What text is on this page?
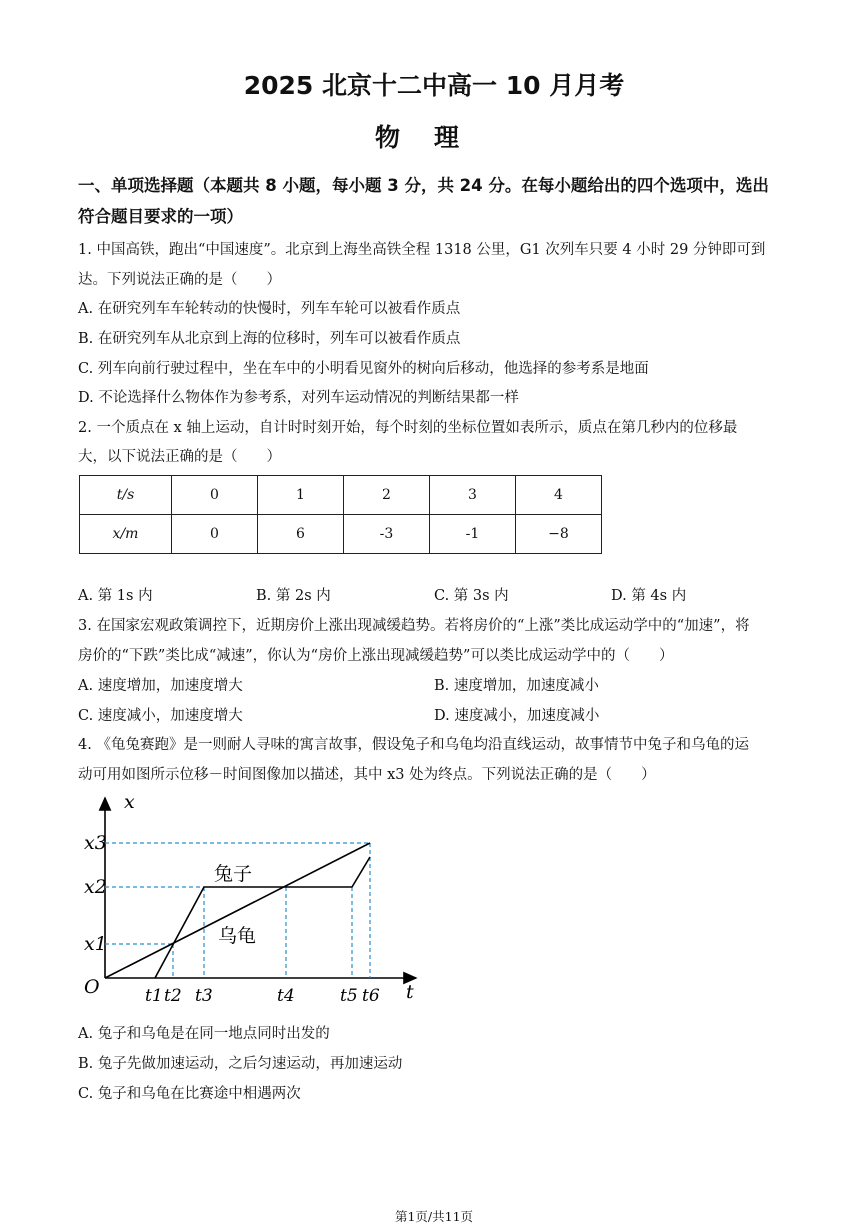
2025 北京十二中高一 10 月月考
物理
一、单项选择题（本题共 8 小题，每小题 3 分，共 24 分。在每小题给出的四个选项中，选出
符合题目要求的一项）
1. 中国高铁，跑出“中国速度”。北京到上海坐高铁全程 1318 公里，G1 次列车只要 4 小时 29 分钟即可到
达。下列说法正确的是（　　）
A. 在研究列车车轮转动的快慢时，列车车轮可以被看作质点
B. 在研究列车从北京到上海的位移时，列车可以被看作质点
C. 列车向前行驶过程中，坐在车中的小明看见窗外的树向后移动，他选择的参考系是地面
D. 不论选择什么物体作为参考系，对列车运动情况的判断结果都一样
2. 一个质点在 x 轴上运动，自计时时刻开始，每个时刻的坐标位置如表所示，质点在第几秒内的位移最
大，以下说法正确的是（　　）
t/s	0	1	2	3	4
x/m	0	6	-3	-1	−8
A. 第 1s 内	B. 第 2s 内	C. 第 3s 内	D. 第 4s 内
3. 在国家宏观政策调控下，近期房价上涨出现减缓趋势。若将房价的“上涨”类比成运动学中的“加速”，将
房价的“下跌”类比成“减速”，你认为“房价上涨出现减缓趋势”可以类比成运动学中的（　　）
A. 速度增加，加速度增大	B. 速度增加，加速度减小
C. 速度减小，加速度增大	D. 速度减小，加速度减小
4. 《龟兔赛跑》是一则耐人寻味的寓言故事，假设兔子和乌龟均沿直线运动，故事情节中兔子和乌龟的运
动可用如图所示位移－时间图像加以描述，其中 x3 处为终点。下列说法正确的是（　　）
兔子
乌龟
x
t
O
x3
x2
x1
t1 t2 t3	t4	t5 t6
A. 兔子和乌龟是在同一地点同时出发的
B. 兔子先做加速运动，之后匀速运动，再加速运动
C. 兔子和乌龟在比赛途中相遇两次
第1页/共11页
